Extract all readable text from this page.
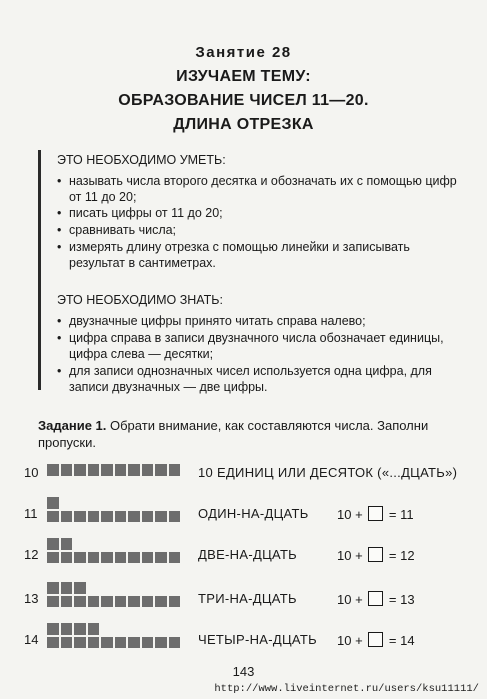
Занятие 28
ИЗУЧАЕМ ТЕМУ:
ОБРАЗОВАНИЕ ЧИСЕЛ 11—20.
ДЛИНА ОТРЕЗКА
ЭТО НЕОБХОДИМО УМЕТЬ:
• называть числа второго десятка и обозначать их с помощью цифр от 11 до 20;
• писать цифры от 11 до 20;
• сравнивать числа;
• измерять длину отрезка с помощью линейки и записывать результат в сантиметрах.
ЭТО НЕОБХОДИМО ЗНАТЬ:
• двузначные цифры принято читать справа налево;
• цифра справа в записи двузначного числа обозначает единицы, цифра слева — десятки;
• для записи однозначных чисел используется одна цифра, для записи двузначных — две цифры.
Задание 1. Обрати внимание, как составляются числа. Заполни пропуски.
10	10 ЕДИНИЦ ИЛИ ДЕСЯТОК («...ДЦАТЬ»)
11	ОДИН-НА-ДЦАТЬ 10 + = 11
12	ДВЕ-НА-ДЦАТЬ	10 + = 12
13	ТРИ-НА-ДЦАТЬ	10 + = 13
14	ЧЕТЫР-НА-ДЦАТЬ 10 + = 14
143
http://www.liveinternet.ru/users/ksu11111/
